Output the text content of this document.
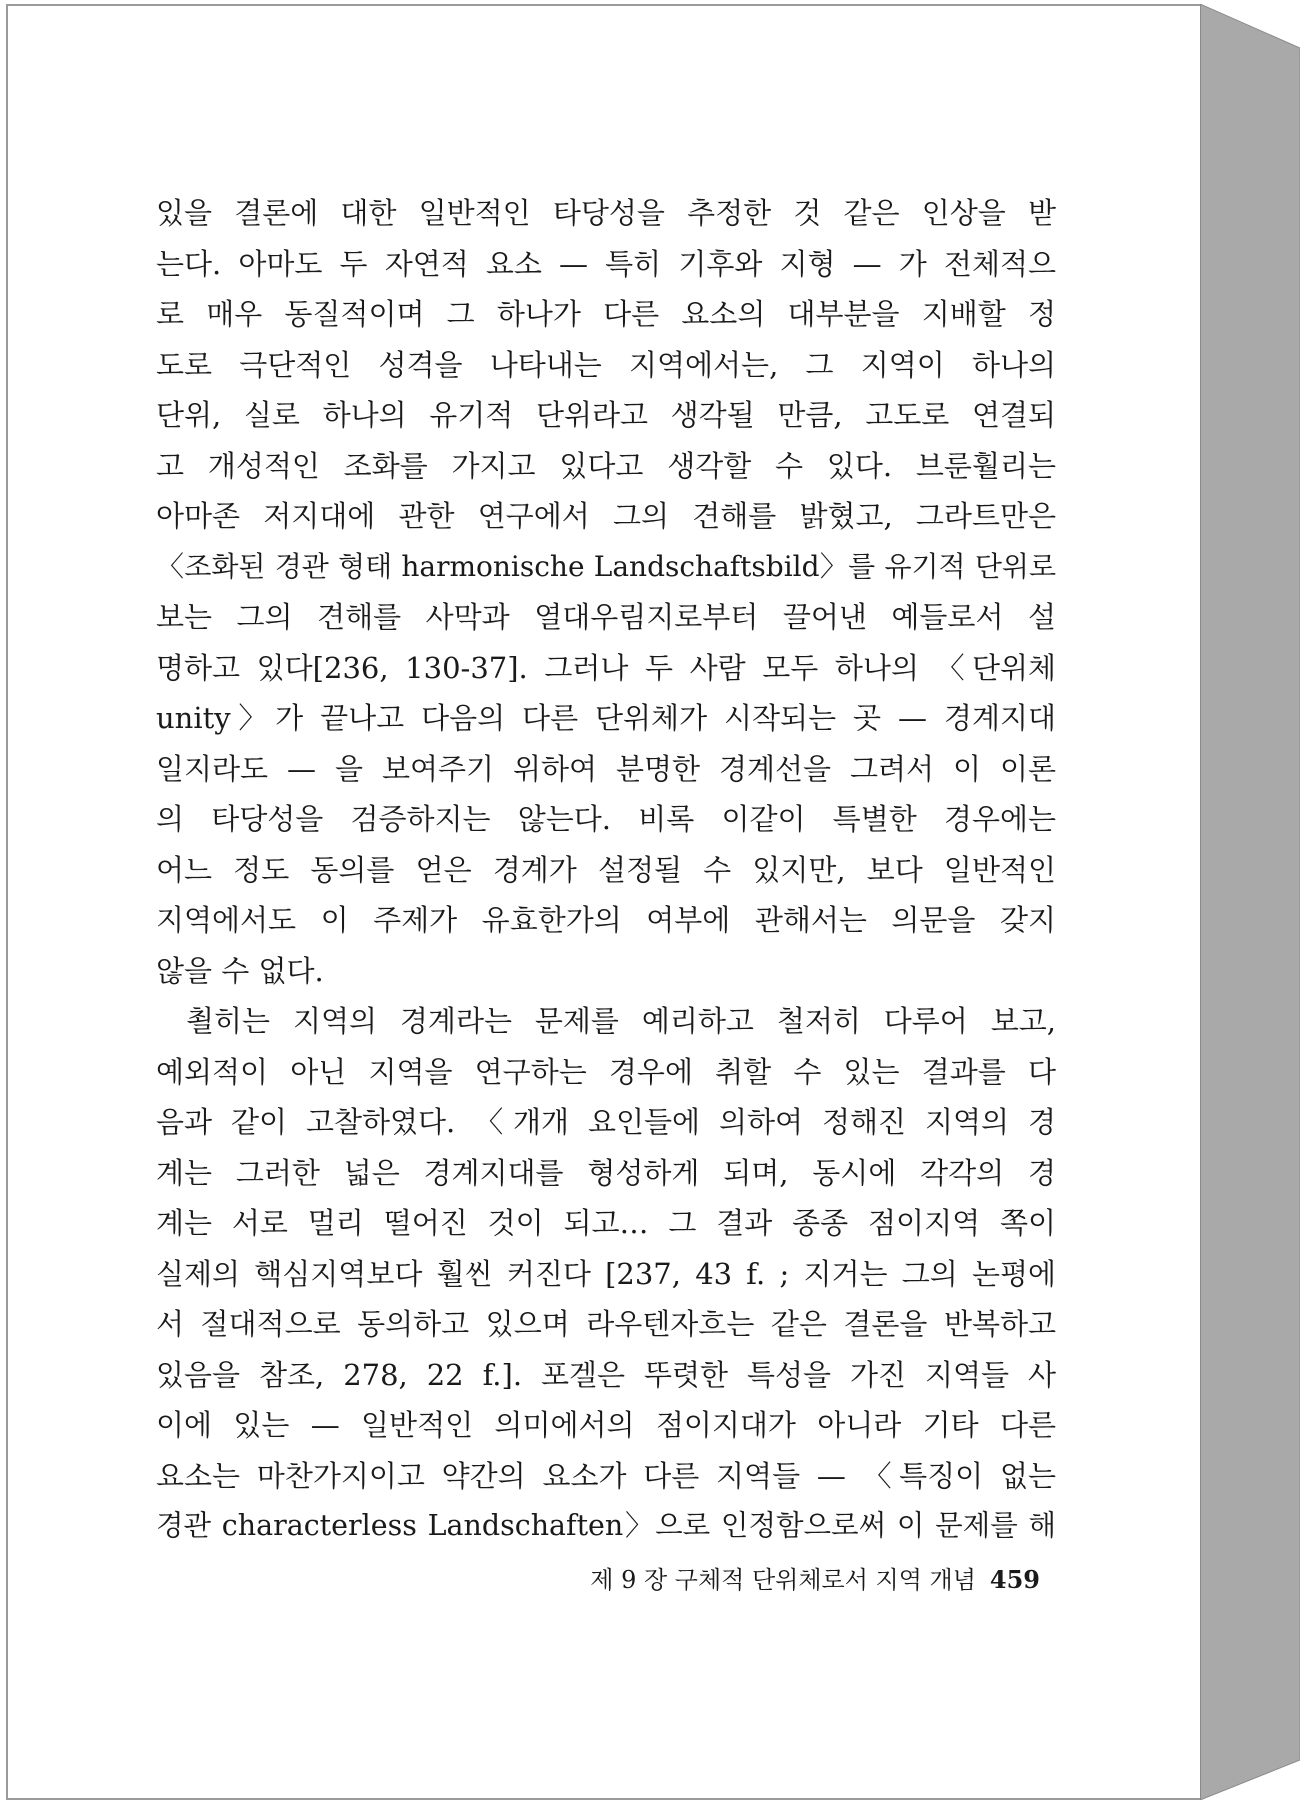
있을 결론에 대한 일반적인 타당성을 추정한 것 같은 인상을 받
는다. 아마도 두 자연적 요소 — 특히 기후와 지형 — 가 전체적으
로 매우 동질적이며 그 하나가 다른 요소의 대부분을 지배할 정
도로 극단적인 성격을 나타내는 지역에서는, 그 지역이 하나의
단위, 실로 하나의 유기적 단위라고 생각될 만큼, 고도로 연결되
고 개성적인 조화를 가지고 있다고 생각할 수 있다. 브룬훨리는
아마존 저지대에 관한 연구에서 그의 견해를 밝혔고, 그라트만은
〈조화된 경관 형태 harmonische Landschaftsbild〉를 유기적 단위로
보는 그의 견해를 사막과 열대우림지로부터 끌어낸 예들로서 설
명하고 있다[236, 130-37]. 그러나 두 사람 모두 하나의 〈단위체
unity〉가 끝나고 다음의 다른 단위체가 시작되는 곳 — 경계지대
일지라도 — 을 보여주기 위하여 분명한 경계선을 그려서 이 이론
의 타당성을 검증하지는 않는다. 비록 이같이 특별한 경우에는
어느 정도 동의를 얻은 경계가 설정될 수 있지만, 보다 일반적인
지역에서도 이 주제가 유효한가의 여부에 관해서는 의문을 갖지
않을 수 없다.
쵤히는 지역의 경계라는 문제를 예리하고 철저히 다루어 보고,
예외적이 아닌 지역을 연구하는 경우에 취할 수 있는 결과를 다
음과 같이 고찰하였다. 〈개개 요인들에 의하여 정해진 지역의 경
계는 그러한 넓은 경계지대를 형성하게 되며, 동시에 각각의 경
계는 서로 멀리 떨어진 것이 되고… 그 결과 종종 점이지역 쪽이
실제의 핵심지역보다 훨씬 커진다 [237, 43 f. ; 지거는 그의 논평에
서 절대적으로 동의하고 있으며 라우텐자흐는 같은 결론을 반복하고
있음을 참조, 278, 22 f.]. 포겔은 뚜렷한 특성을 가진 지역들 사
이에 있는 — 일반적인 의미에서의 점이지대가 아니라 기타 다른
요소는 마찬가지이고 약간의 요소가 다른 지역들 — 〈특징이 없는
경관 characterless Landschaften〉으로 인정함으로써 이 문제를 해
제 9 장 구체적 단위체로서 지역 개념 459
